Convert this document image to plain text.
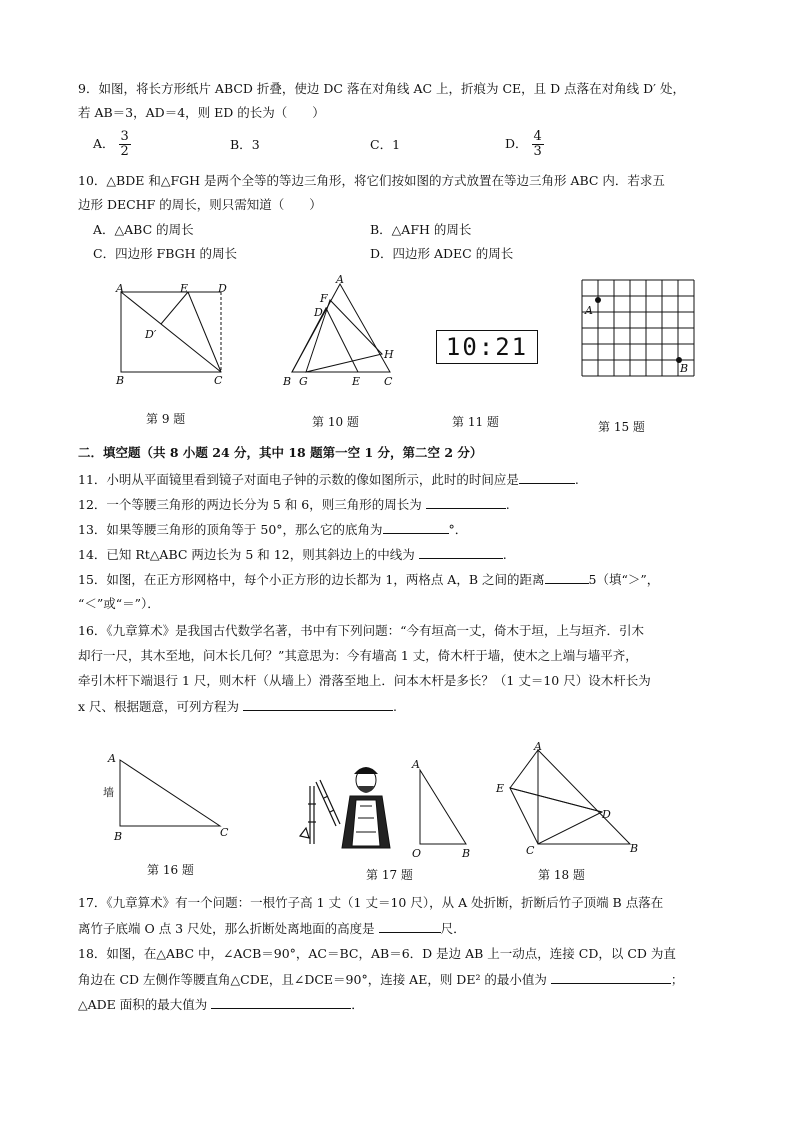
9．如图，将长方形纸片 ABCD 折叠，使边 DC 落在对角线 AC 上，折痕为 CE，且 D 点落在对角线 D′ 处，
若 AB＝3，AD＝4，则 ED 的长为（　　）
A． $\frac{3}{2}$	B．3	C．1	D． $\frac{4}{3}$
10．△BDE 和△FGH 是两个全等的等边三角形，将它们按如图的方式放置在等边三角形 ABC 内．若求五
边形 DECHF 的周长，则只需知道（　　）
A．△ABC 的周长	B．△AFH 的周长
C．四边形 FBGH 的周长	D．四边形 ADEC 的周长
A	E	D
D′
B	C
第 9 题
A
F
D
H
B G	E C
第 10 题
10:21
第 11 题
A
B
第 15 题
二．填空题（共 8 小题 24 分，其中 18 题第一空 1 分，第二空 2 分）
11．小明从平面镜里看到镜子对面电子钟的示数的像如图所示，此时的时间应是	.
12．一个等腰三角形的两边长分为 5 和 6，则三角形的周长为	.
13．如果等腰三角形的顶角等于 50°，那么它的底角为	°．
14．已知 Rt△ABC 两边长为 5 和 12，则其斜边上的中线为	.
15．如图，在正方形网格中，每个小正方形的边长都为 1，两格点 A，B 之间的距离	5（填“＞”，
“＜”或“＝”）．
16．《九章算术》是我国古代数学名著，书中有下列问题：“今有垣高一丈，倚木于垣，上与垣齐．引木
却行一尺，其木至地，问木长几何？”其意思为：今有墙高 1 丈，倚木杆于墙，使木之上端与墙平齐，
牵引木杆下端退行 1 尺，则木杆（从墙上）滑落至地上．问本木杆是多长？（1 丈＝10 尺）设木杆长为
x 尺、根据题意，可列方程为	.
A
墙
B	C
第 16 题
A
O	B
第 17 题
A
E
D
C	B
第 18 题
17．《九章算术》有一个问题：一根竹子高 1 丈（1 丈＝10 尺），从 A 处折断，折断后竹子顶端 B 点落在
离竹子底端 O 点 3 尺处，那么折断处离地面的高度是	尺．
18．如图，在△ABC 中，∠ACB＝90°，AC＝BC，AB＝6．D 是边 AB 上一动点，连接 CD，以 CD 为直
角边在 CD 左侧作等腰直角△CDE，且∠DCE＝90°，连接 AE，则 DE² 的最小值为	；
△ADE 面积的最大值为	．
